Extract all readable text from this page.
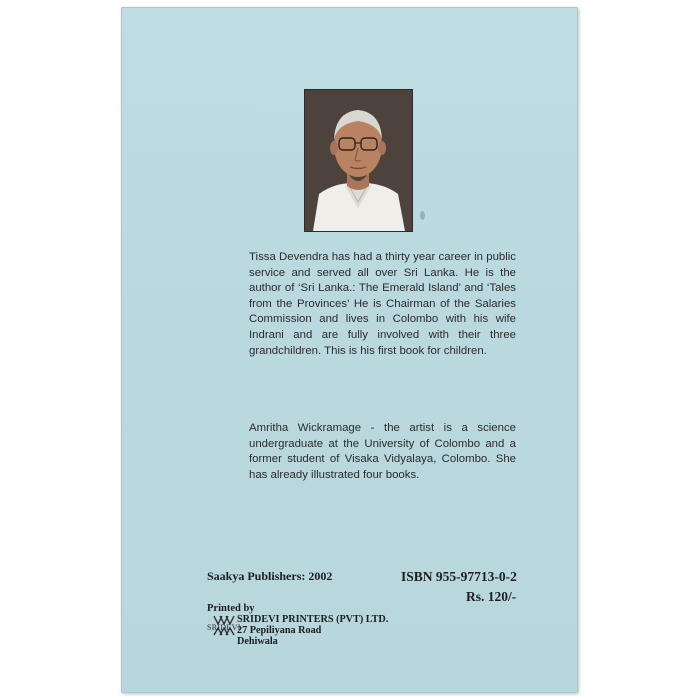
Tissa Devendra has had a thirty year career in public service and served all over Sri Lanka. He is the author of ‘Sri Lanka.: The Emerald Island’ and ‘Tales from the Provinces’ He is Chairman of the Salaries Commission and lives in Colombo with his wife Indrani and are fully involved with their three grandchildren. This is his first book for children.
Amritha Wickramage - the artist is a science undergraduate at the University of Colombo and a former student of Visaka Vidyalaya, Colombo. She has already illustrated four books.
Saakya Publishers: 2002	ISBN 955-97713-0-2
Rs. 120/-
Printed by
SRIDEVI
SRIDEVI PRINTERS (PVT) LTD.
27 Pepiliyana Road
Dehiwala
